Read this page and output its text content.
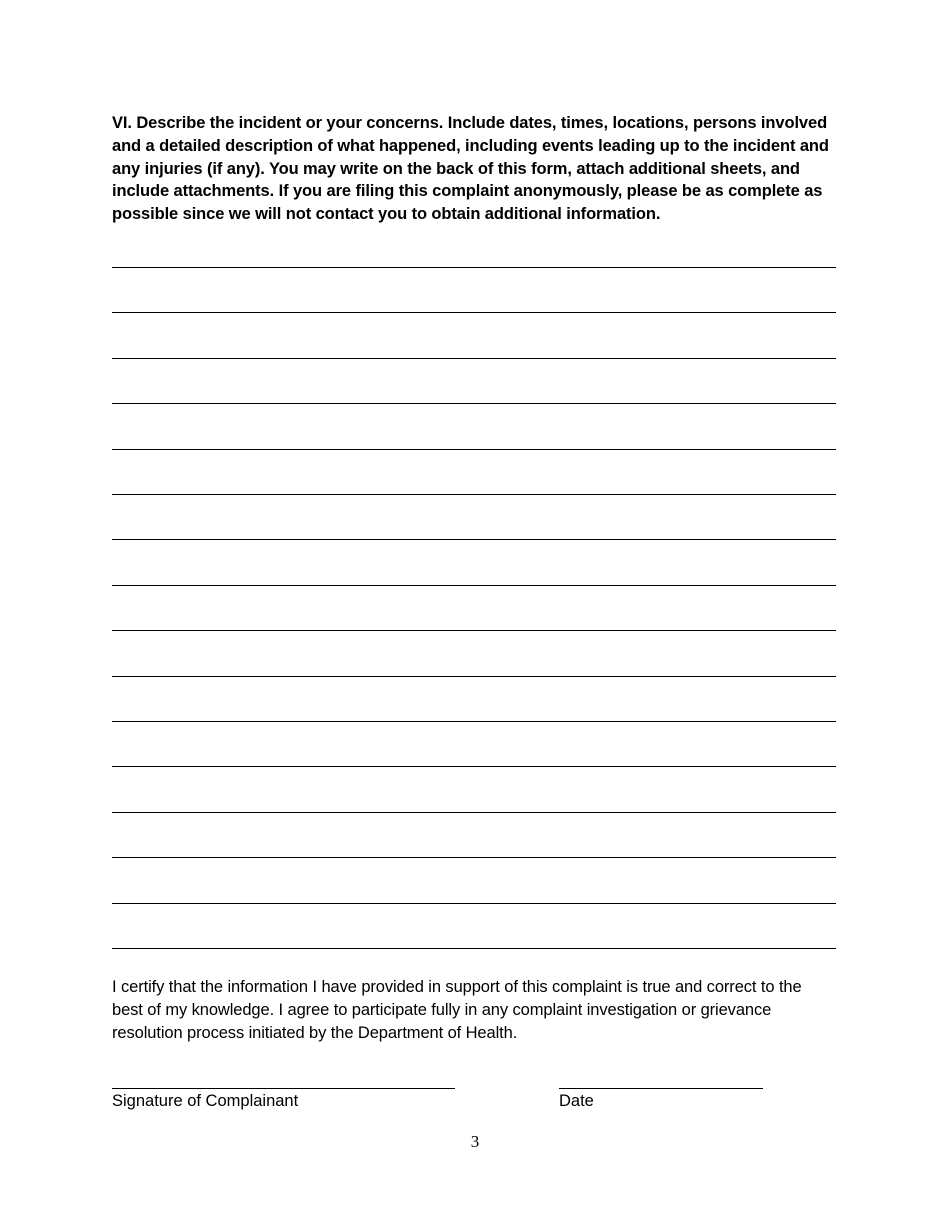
VI. Describe the incident or your concerns. Include dates, times, locations, persons involved and a detailed description of what happened, including events leading up to the incident and any injuries (if any). You may write on the back of this form, attach additional sheets, and include attachments. If you are filing this complaint anonymously, please be as complete as possible since we will not contact you to obtain additional information.

I certify that the information I have provided in support of this complaint is true and correct to the best of my knowledge. I agree to participate fully in any complaint investigation or grievance resolution process initiated by the Department of Health.

Signature of Complainant	Date
3
